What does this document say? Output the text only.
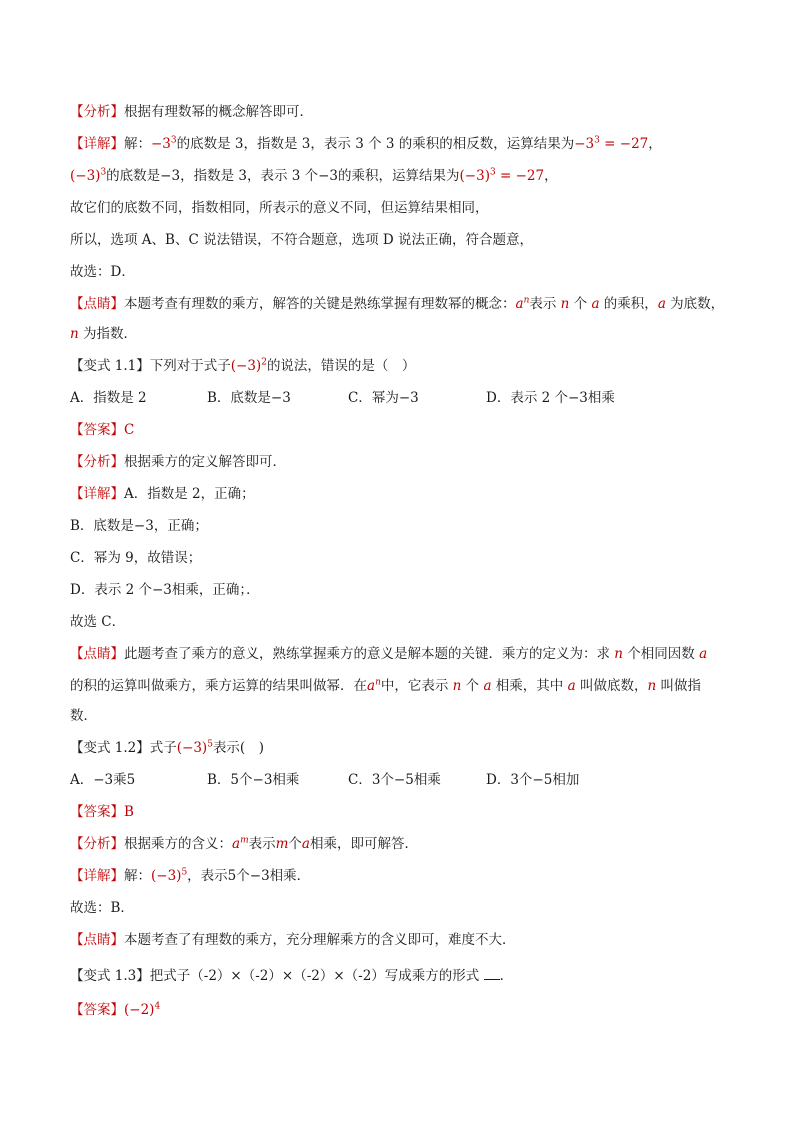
【分析】根据有理数幂的概念解答即可．
【详解】解：$-3^3$的底数是 3，指数是 3，表示 3 个 3 的乘积的相反数，运算结果为$-3^3 = -27$，
$(-3)^3$的底数是−3，指数是 3，表示 3 个−3的乘积，运算结果为$(-3)^3 = -27$，
故它们的底数不同，指数相同，所表示的意义不同，但运算结果相同，
所以，选项 A、B、C 说法错误，不符合题意，选项 D 说法正确，符合题意，
故选：D．
【点睛】本题考查有理数的乘方，解答的关键是熟练掌握有理数幂的概念：$a^n$表示 n 个 a 的乘积，a 为底数，
n 为指数．
【变式 1.1】下列对于式子$(-3)^2$的说法，错误的是（　）
A．指数是 2	B．底数是−3	C．幂为−3	D．表示 2 个−3相乘
【答案】C
【分析】根据乘方的定义解答即可．
【详解】A．指数是 2，正确；
B．底数是−3，正确；
C．幂为 9，故错误；
D．表示 2 个−3相乘，正确；．
故选 C．
【点睛】此题考查了乘方的意义，熟练掌握乘方的意义是解本题的关键．乘方的定义为：求 n 个相同因数 a
的积的运算叫做乘方，乘方运算的结果叫做幂．在$a^n$中，它表示 n 个 a 相乘，其中 a 叫做底数，n 叫做指
数．
【变式 1.2】式子$(-3)^5$表示(　)
A．−3乘5	B．5个−3相乘	C．3个−5相乘	D．3个−5相加
【答案】B
【分析】根据乘方的含义：$a^m$表示m个a相乘，即可解答．
【详解】解：$(-3)^5$，表示5个−3相乘．
故选：B．
【点睛】本题考查了有理数的乘方，充分理解乘方的含义即可，难度不大．
【变式 1.3】把式子（-2）×（-2）×（-2）×（-2）写成乘方的形式 ．
【答案】$(-2)^4$
